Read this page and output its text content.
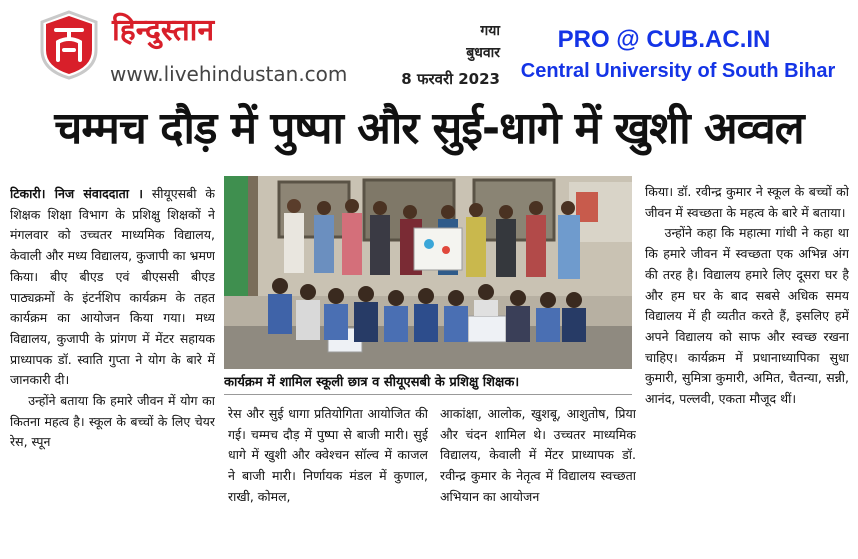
हिन्दुस्तान
www.livehindustan.com
गया
बुधवार
8 फरवरी 2023
PRO @ CUB.AC.IN
Central University of South Bihar
चम्मच दौड़ में पुष्पा और सुई-धागे में खुशी अव्वल
कार्यक्रम में शामिल स्कूली छात्र व सीयूएसबी के प्रशिक्षु शिक्षक।

टिकारी। निज संवाददाता । सीयूएसबी के शिक्षक शिक्षा विभाग के प्रशिक्षु शिक्षकों ने मंगलवार को उच्चतर माध्यमिक विद्यालय, केवाली और मध्य विद्यालय, कुजापी का भ्रमण किया। बीए बीएड एवं बीएससी बीएड पाठ्यक्रमों के इंटर्नशिप कार्यक्रम के तहत कार्यक्रम का आयोजन किया गया। मध्य विद्यालय, कुजापी के प्रांगण में मेंटर सहायक प्राध्यापक डॉ. स्वाति गुप्ता ने योग के बारे में जानकारी दी।

उन्होंने बताया कि हमारे जीवन में योग का कितना महत्व है। स्कूल के बच्चों के लिए चेयर रेस, स्पून

रेस और सुई धागा प्रतियोगिता आयोजित की गई। चम्मच दौड़ में पुष्पा से बाजी मारी। सुई धागे में खुशी और क्वेश्चन सॉल्व में काजल ने बाजी मारी। निर्णायक मंडल में कुणाल, राखी, कोमल,

आकांक्षा, आलोक, खुशबू, आशुतोष, प्रिया और चंदन शामिल थे। उच्चतर माध्यमिक विद्यालय, केवाली में मेंटर प्राध्यापक डॉ. रवीन्द्र कुमार के नेतृत्व में विद्यालय स्वच्छता अभियान का आयोजन

किया। डॉ. रवीन्द्र कुमार ने स्कूल के बच्चों को जीवन में स्वच्छता के महत्व के बारे में बताया।

उन्होंने कहा कि महात्मा गांधी ने कहा था कि हमारे जीवन में स्वच्छता एक अभिन्न अंग की तरह है। विद्यालय हमारे लिए दूसरा घर है और हम घर के बाद सबसे अधिक समय विद्यालय में ही व्यतीत करते हैं, इसलिए हमें अपने विद्यालय को साफ और स्वच्छ रखना चाहिए। कार्यक्रम में प्रधानाध्यापिका सुधा कुमारी, सुमित्रा कुमारी, अमित, चैतन्या, सन्नी, आनंद, पल्लवी, एकता मौजूद थीं।
